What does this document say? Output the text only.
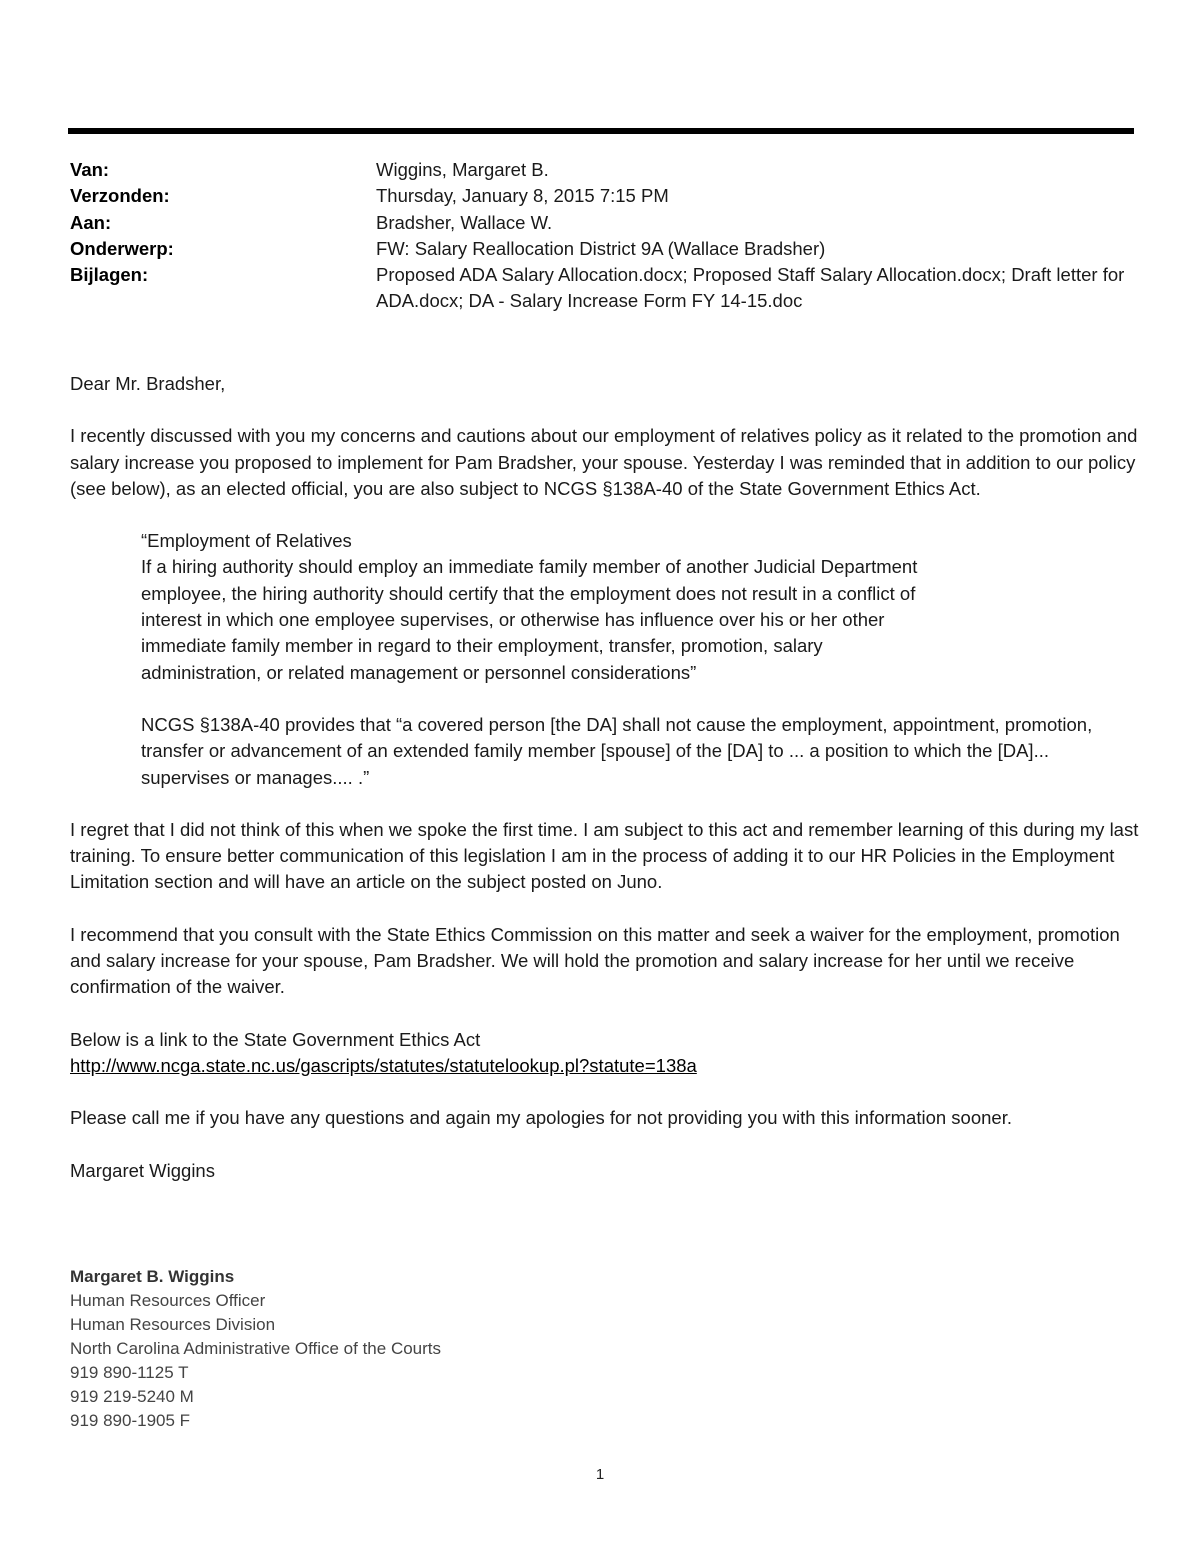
Van:	Wiggins, Margaret B.
Verzonden:	Thursday, January 8, 2015 7:15 PM
Aan:	Bradsher, Wallace W.
Onderwerp:	FW: Salary Reallocation District 9A (Wallace Bradsher)
Bijlagen:	Proposed ADA Salary Allocation.docx; Proposed Staff Salary Allocation.docx; Draft letter for ADA.docx; DA - Salary Increase Form FY 14-15.doc

Dear Mr. Bradsher,

I recently discussed with you my concerns and cautions about our employment of relatives policy as it related to the promotion and salary increase you proposed to implement for Pam Bradsher, your spouse. Yesterday I was reminded that in addition to our policy (see below), as an elected official, you are also subject to NCGS §138A-40 of the State Government Ethics Act.

“Employment of Relatives
If a hiring authority should employ an immediate family member of another Judicial Department employee, the hiring authority should certify that the employment does not result in a conflict of interest in which one employee supervises, or otherwise has influence over his or her other immediate family member in regard to their employment, transfer, promotion, salary administration, or related management or personnel considerations”

NCGS §138A-40 provides that “a covered person [the DA] shall not cause the employment, appointment, promotion, transfer or advancement of an extended family member [spouse] of the [DA] to ... a position to which the [DA]... supervises or manages.... .”

I regret that I did not think of this when we spoke the first time. I am subject to this act and remember learning of this during my last training. To ensure better communication of this legislation I am in the process of adding it to our HR Policies in the Employment Limitation section and will have an article on the subject posted on Juno.

I recommend that you consult with the State Ethics Commission on this matter and seek a waiver for the employment, promotion and salary increase for your spouse, Pam Bradsher. We will hold the promotion and salary increase for her until we receive confirmation of the waiver.

Below is a link to the State Government Ethics Act
http://www.ncga.state.nc.us/gascripts/statutes/statutelookup.pl?statute=138a

Please call me if you have any questions and again my apologies for not providing you with this information sooner.

Margaret Wiggins

Margaret B. Wiggins
Human Resources Officer
Human Resources Division
North Carolina Administrative Office of the Courts
919 890-1125 T
919 219-5240 M
919 890-1905 F
1
